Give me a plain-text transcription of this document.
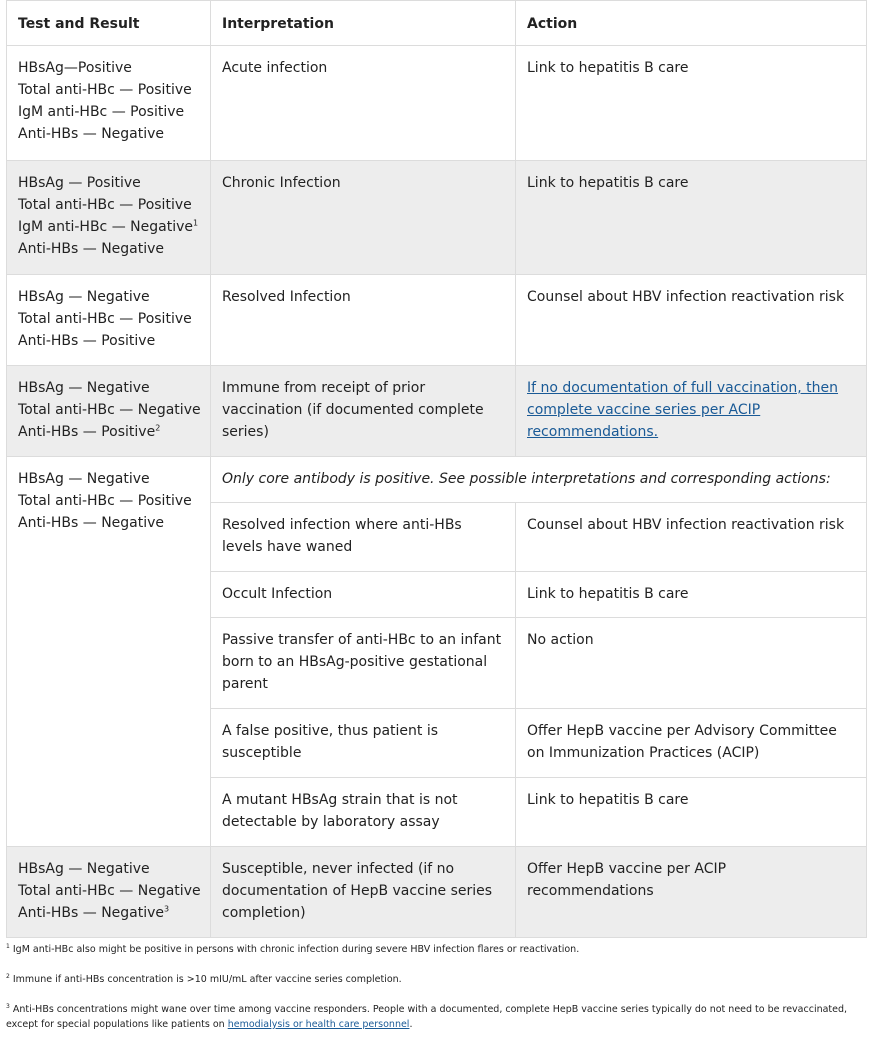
Test and Result	Interpretation	Action

HBsAg—Positive
Total anti-HBc — Positive
IgM anti-HBc — Positive
Anti-HBs — Negative	Acute infection	Link to hepatitis B care

HBsAg — Positive
Total anti-HBc — Positive
IgM anti-HBc — Negative$^1$
Anti-HBs — Negative	Chronic Infection	Link to hepatitis B care

HBsAg — Negative
Total anti-HBc — Positive
Anti-HBs — Positive	Resolved Infection	Counsel about HBV infection reactivation risk

HBsAg — Negative
Total anti-HBc — Negative
Anti-HBs — Positive$^2$	Immune from receipt of prior vaccination (if documented complete series)	If no documentation of full vaccination, then complete vaccine series per ACIP recommendations.

HBsAg — Negative
Total anti-HBc — Positive
Anti-HBs — Negative	Only core antibody is positive. See possible interpretations and corresponding actions:	
	Resolved infection where anti-HBs levels have waned	Counsel about HBV infection reactivation risk
	Occult Infection	Link to hepatitis B care
	Passive transfer of anti-HBc to an infant born to an HBsAg-positive gestational parent	No action
	A false positive, thus patient is susceptible	Offer HepB vaccine per Advisory Committee on Immunization Practices (ACIP)
	A mutant HBsAg strain that is not detectable by laboratory assay	Link to hepatitis B care

HBsAg — Negative
Total anti-HBc — Negative
Anti-HBs — Negative$^3$	Susceptible, never infected (if no documentation of HepB vaccine series completion)	Offer HepB vaccine per ACIP recommendations

$^1$ IgM anti-HBc also might be positive in persons with chronic infection during severe HBV infection flares or reactivation.

$^2$ Immune if anti-HBs concentration is >10 mIU/mL after vaccine series completion.

$^3$ Anti-HBs concentrations might wane over time among vaccine responders. People with a documented, complete HepB vaccine series typically do not need to be revaccinated, except for special populations like patients on hemodialysis or health care personnel.
